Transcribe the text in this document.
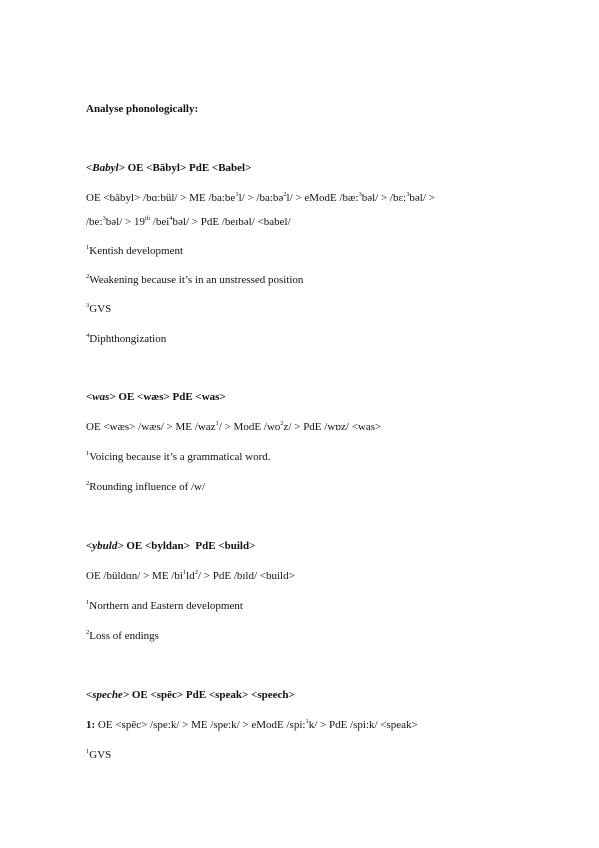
Analyse phonologically:
<Babyl> OE <Bābyl> PdE <Babel>
OE <bābyl> /bɑːbül/ > ME $/ba:be^1l/$ > /ba:bə$^2$l/ > eModE /bæ:$^3$bəl/ > /bɛ:$^3$bəl/ >
/be:$^3$bəl/ > 19th /bei$^4$bəl/ > PdE /beɪbəl/ <babel/
$^1$Kentish development
$^2$Weakening because it’s in an unstressed position
$^3$GVS
$^4$Diphthongization
<was> OE <wæs> PdE <was>
OE <wæs> /wæs/ > ME /waz$^1$/ > ModE $/wo^2z/$ > PdE /wɒz/ <was>
$^1$Voicing because it’s a grammatical word.
$^2$Rounding influence of /w/
<ybuld> OE <byldan>  PdE <build>
OE /büldɑn/ > ME $/bi^1ld^2/$ > PdE /bɪld/ <build>
$^1$Northern and Eastern development
$^2$Loss of endings
<speche> OE <spēc> PdE <speak> <speech>
1: OE <spēc> /spe:k/ > ME /spe:k/ > eModE /spi:$^1$k/ > PdE /spi:k/ <speak>
$^1$GVS
